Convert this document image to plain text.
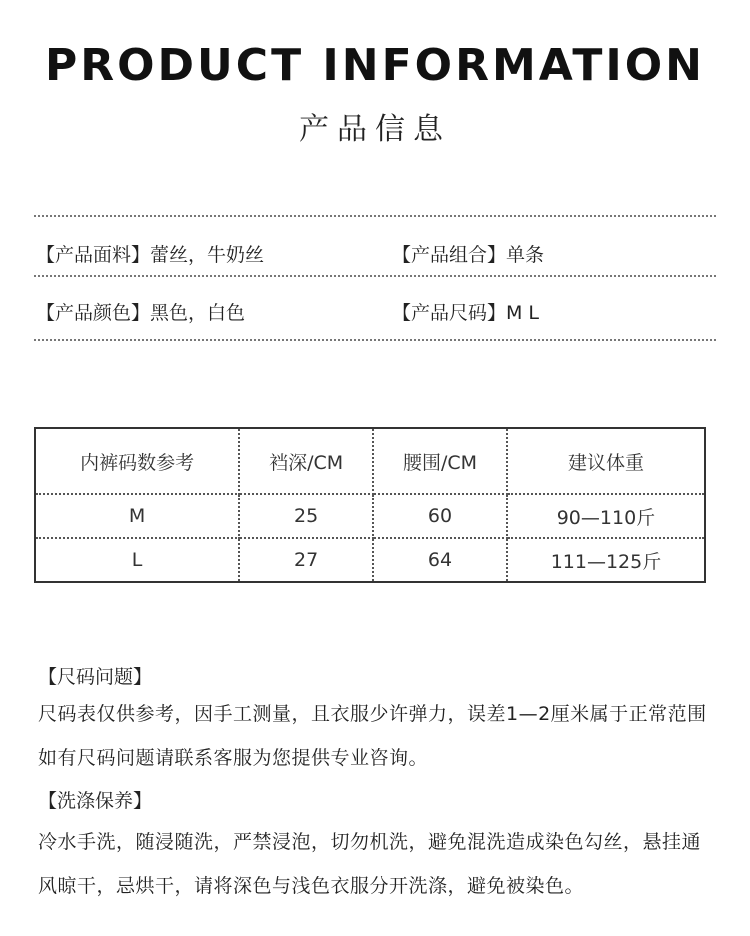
PRODUCT INFORMATION
产品信息
【产品面料】蕾丝，牛奶丝	【产品组合】单条
【产品颜色】黑色，白色	【产品尺码】M L
内裤码数参考	裆深/CM	腰围/CM	建议体重
M	25	60	90—110斤
L	27	64	111—125斤
【尺码问题】
尺码表仅供参考，因手工测量，且衣服少许弹力，误差1—2厘米属于正常范围如有尺码问题请联系客服为您提供专业咨询。
【洗涤保养】
冷水手洗，随浸随洗，严禁浸泡，切勿机洗，避免混洗造成染色勾丝，悬挂通风晾干，忌烘干，请将深色与浅色衣服分开洗涤，避免被染色。
